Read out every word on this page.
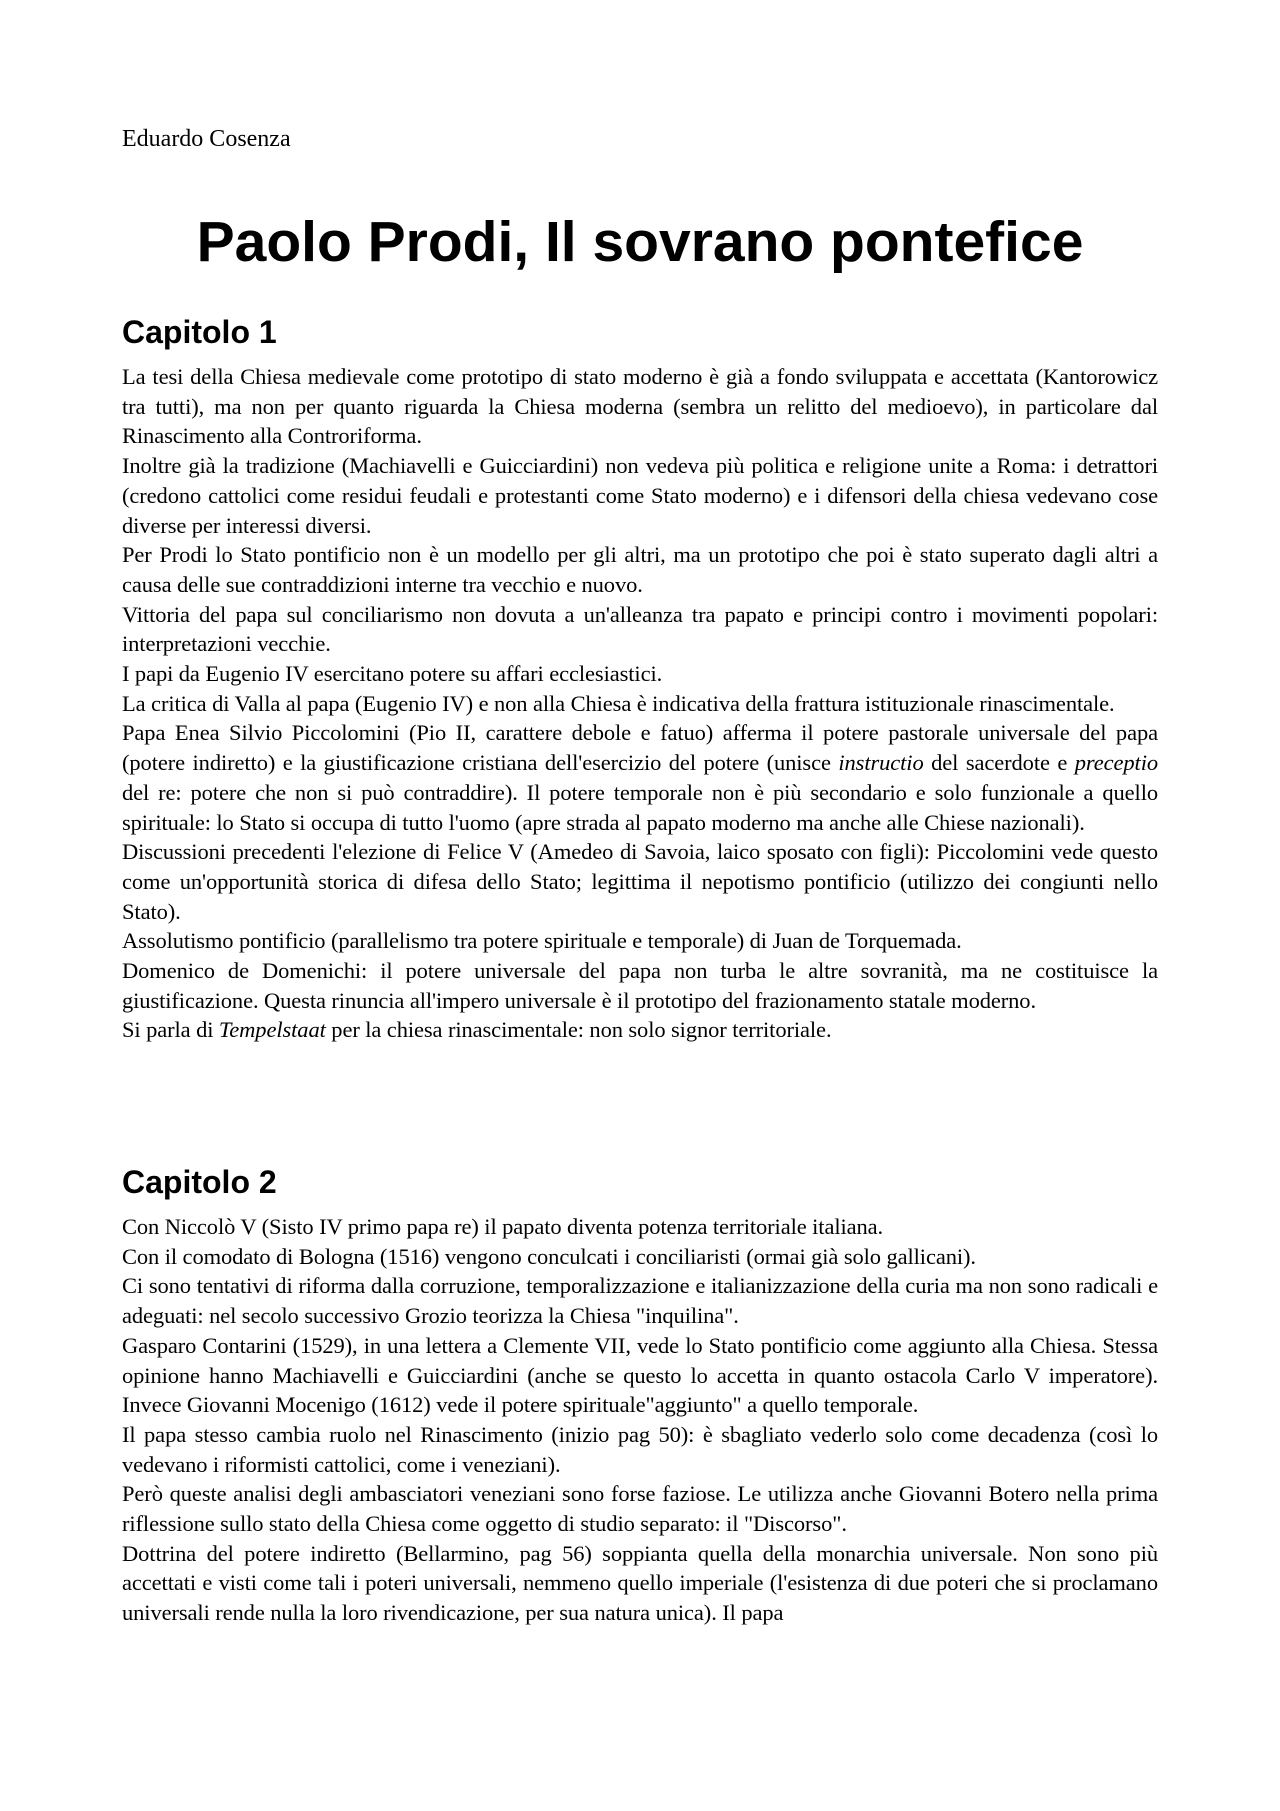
Eduardo Cosenza

Paolo Prodi, Il sovrano pontefice
Capitolo 1

La tesi della Chiesa medievale come prototipo di stato moderno è già a fondo sviluppata e accettata (Kantorowicz tra tutti), ma non per quanto riguarda la Chiesa moderna (sembra un relitto del medioevo), in particolare dal Rinascimento alla Controriforma.

Inoltre già la tradizione (Machiavelli e Guicciardini) non vedeva più politica e religione unite a Roma: i detrattori (credono cattolici come residui feudali e protestanti come Stato moderno) e i difensori della chiesa vedevano cose diverse per interessi diversi.

Per Prodi lo Stato pontificio non è un modello per gli altri, ma un prototipo che poi è stato superato dagli altri a causa delle sue contraddizioni interne tra vecchio e nuovo.

Vittoria del papa sul conciliarismo non dovuta a un'alleanza tra papato e principi contro i movimenti popolari: interpretazioni vecchie.

I papi da Eugenio IV esercitano potere su affari ecclesiastici.

La critica di Valla al papa (Eugenio IV) e non alla Chiesa è indicativa della frattura istituzionale rinascimentale.

Papa Enea Silvio Piccolomini (Pio II, carattere debole e fatuo) afferma il potere pastorale universale del papa (potere indiretto) e la giustificazione cristiana dell'esercizio del potere (unisce instructio del sacerdote e preceptio del re: potere che non si può contraddire). Il potere temporale non è più secondario e solo funzionale a quello spirituale: lo Stato si occupa di tutto l'uomo (apre strada al papato moderno ma anche alle Chiese nazionali).

Discussioni precedenti l'elezione di Felice V (Amedeo di Savoia, laico sposato con figli): Piccolomini vede questo come un'opportunità storica di difesa dello Stato; legittima il nepotismo pontificio (utilizzo dei congiunti nello Stato).

Assolutismo pontificio (parallelismo tra potere spirituale e temporale) di Juan de Torquemada.

Domenico de Domenichi: il potere universale del papa non turba le altre sovranità, ma ne costituisce la giustificazione. Questa rinuncia all'impero universale è il prototipo del frazionamento statale moderno.

Si parla di Tempelstaat per la chiesa rinascimentale: non solo signor territoriale.

Capitolo 2

Con Niccolò V (Sisto IV primo papa re) il papato diventa potenza territoriale italiana.

Con il comodato di Bologna (1516) vengono conculcati i conciliaristi (ormai già solo gallicani).

Ci sono tentativi di riforma dalla corruzione, temporalizzazione e italianizzazione della curia ma non sono radicali e adeguati: nel secolo successivo Grozio teorizza la Chiesa "inquilina".

Gasparo Contarini (1529), in una lettera a Clemente VII, vede lo Stato pontificio come aggiunto alla Chiesa. Stessa opinione hanno Machiavelli e Guicciardini (anche se questo lo accetta in quanto ostacola Carlo V imperatore). Invece Giovanni Mocenigo (1612) vede il potere spirituale"aggiunto" a quello temporale.

Il papa stesso cambia ruolo nel Rinascimento (inizio pag 50): è sbagliato vederlo solo come decadenza (così lo vedevano i riformisti cattolici, come i veneziani).

Però queste analisi degli ambasciatori veneziani sono forse faziose. Le utilizza anche Giovanni Botero nella prima riflessione sullo stato della Chiesa come oggetto di studio separato: il "Discorso".

Dottrina del potere indiretto (Bellarmino, pag 56) soppianta quella della monarchia universale. Non sono più accettati e visti come tali i poteri universali, nemmeno quello imperiale (l'esistenza di due poteri che si proclamano universali rende nulla la loro rivendicazione, per sua natura unica). Il papa
